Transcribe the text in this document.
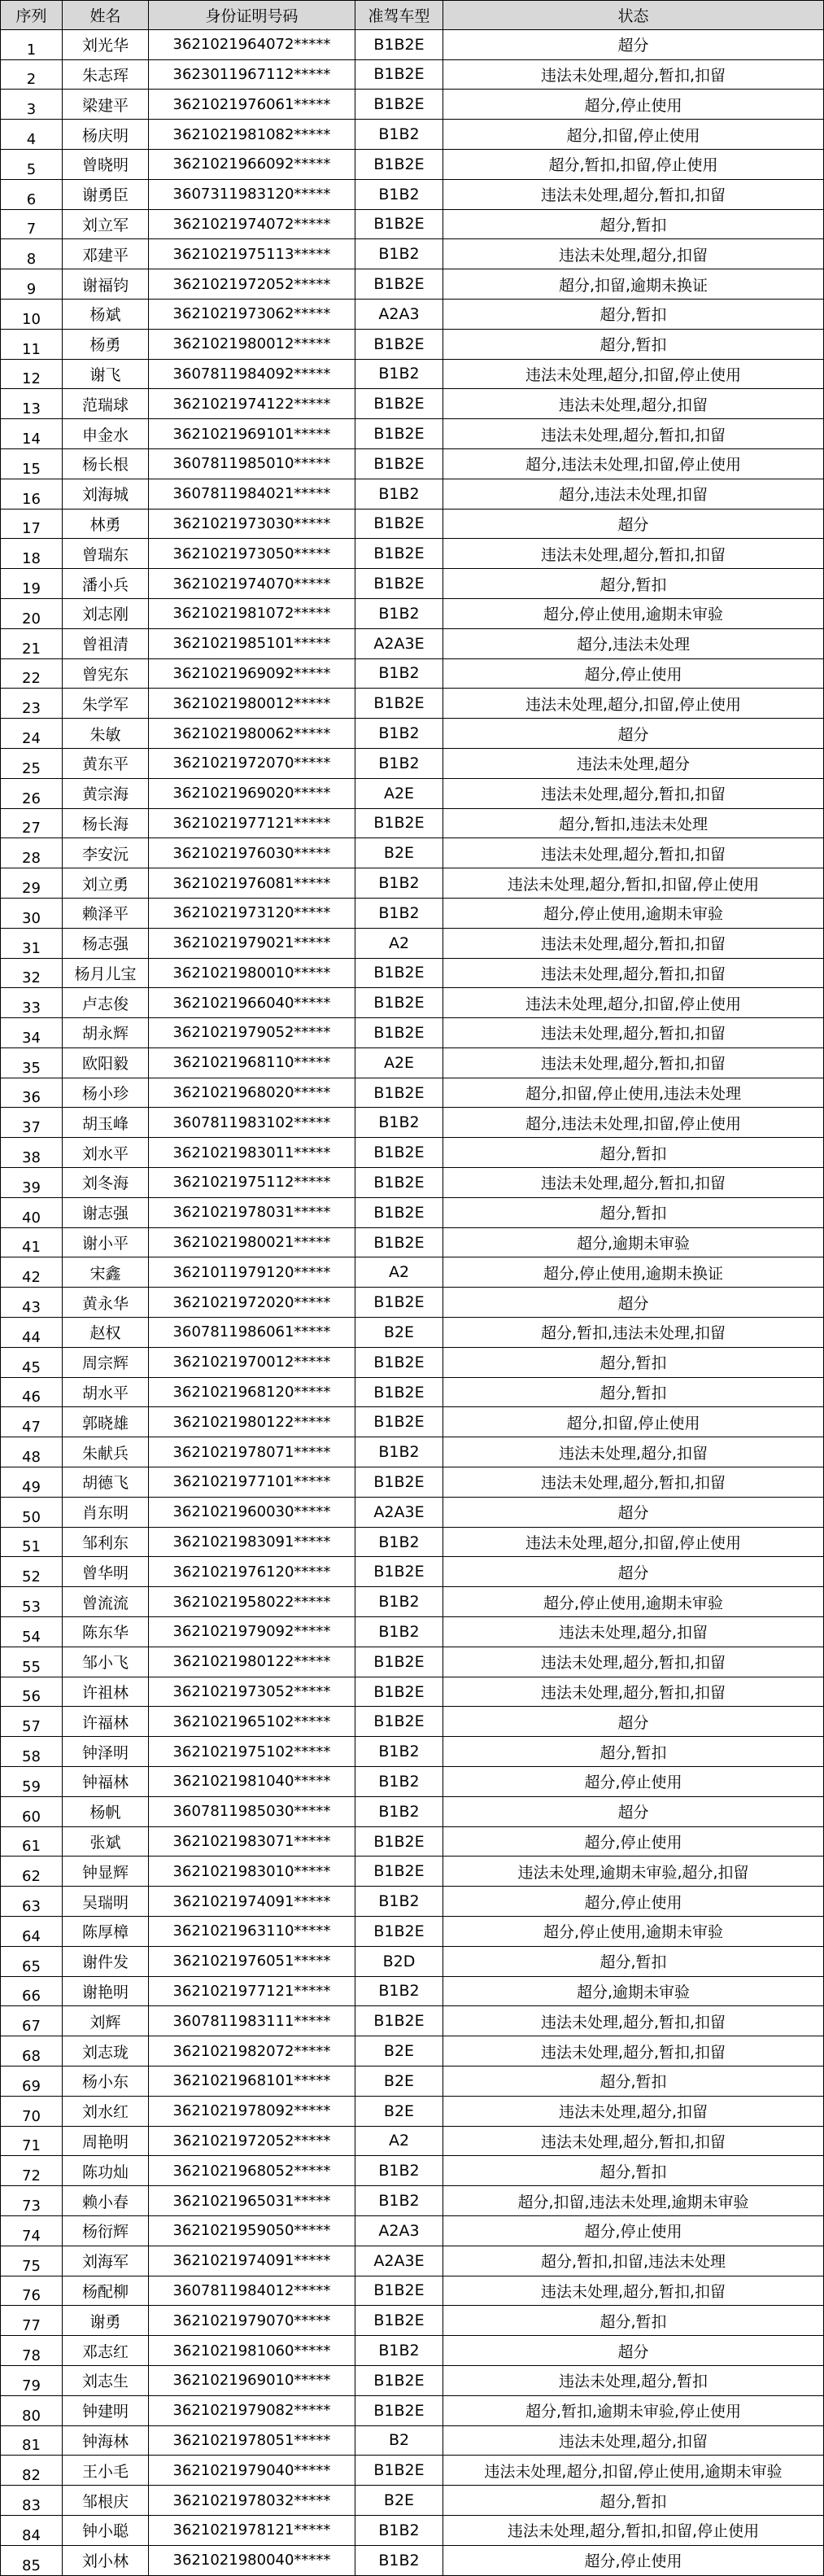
序列	姓名	身份证明号码	准驾车型	状态
1	刘光华	3621021964072*****	B1B2E	超分
2	朱志珲	3623011967112*****	B1B2E	违法未处理,超分,暂扣,扣留
3	梁建平	3621021976061*****	B1B2E	超分,停止使用
4	杨庆明	3621021981082*****	B1B2	超分,扣留,停止使用
5	曾晓明	3621021966092*****	B1B2E	超分,暂扣,扣留,停止使用
6	谢勇臣	3607311983120*****	B1B2	违法未处理,超分,暂扣,扣留
7	刘立军	3621021974072*****	B1B2E	超分,暂扣
8	邓建平	3621021975113*****	B1B2	违法未处理,超分,扣留
9	谢福钧	3621021972052*****	B1B2E	超分,扣留,逾期未换证
10	杨斌	3621021973062*****	A2A3	超分,暂扣
11	杨勇	3621021980012*****	B1B2E	超分,暂扣
12	谢飞	3607811984092*****	B1B2	违法未处理,超分,扣留,停止使用
13	范瑞球	3621021974122*****	B1B2E	违法未处理,超分,扣留
14	申金水	3621021969101*****	B1B2E	违法未处理,超分,暂扣,扣留
15	杨长根	3607811985010*****	B1B2E	超分,违法未处理,扣留,停止使用
16	刘海城	3607811984021*****	B1B2	超分,违法未处理,扣留
17	林勇	3621021973030*****	B1B2E	超分
18	曾瑞东	3621021973050*****	B1B2E	违法未处理,超分,暂扣,扣留
19	潘小兵	3621021974070*****	B1B2E	超分,暂扣
20	刘志刚	3621021981072*****	B1B2	超分,停止使用,逾期未审验
21	曾祖清	3621021985101*****	A2A3E	超分,违法未处理
22	曾宪东	3621021969092*****	B1B2	超分,停止使用
23	朱学军	3621021980012*****	B1B2E	违法未处理,超分,扣留,停止使用
24	朱敏	3621021980062*****	B1B2	超分
25	黄东平	3621021972070*****	B1B2	违法未处理,超分
26	黄宗海	3621021969020*****	A2E	违法未处理,超分,暂扣,扣留
27	杨长海	3621021977121*****	B1B2E	超分,暂扣,违法未处理
28	李安沅	3621021976030*****	B2E	违法未处理,超分,暂扣,扣留
29	刘立勇	3621021976081*****	B1B2	违法未处理,超分,暂扣,扣留,停止使用
30	赖泽平	3621021973120*****	B1B2	超分,停止使用,逾期未审验
31	杨志强	3621021979021*****	A2	违法未处理,超分,暂扣,扣留
32	杨月儿宝	3621021980010*****	B1B2E	违法未处理,超分,暂扣,扣留
33	卢志俊	3621021966040*****	B1B2E	违法未处理,超分,扣留,停止使用
34	胡永辉	3621021979052*****	B1B2E	违法未处理,超分,暂扣,扣留
35	欧阳毅	3621021968110*****	A2E	违法未处理,超分,暂扣,扣留
36	杨小珍	3621021968020*****	B1B2E	超分,扣留,停止使用,违法未处理
37	胡玉峰	3607811983102*****	B1B2	超分,违法未处理,扣留,停止使用
38	刘水平	3621021983011*****	B1B2E	超分,暂扣
39	刘冬海	3621021975112*****	B1B2E	违法未处理,超分,暂扣,扣留
40	谢志强	3621021978031*****	B1B2E	超分,暂扣
41	谢小平	3621021980021*****	B1B2E	超分,逾期未审验
42	宋鑫	3621011979120*****	A2	超分,停止使用,逾期未换证
43	黄永华	3621021972020*****	B1B2E	超分
44	赵权	3607811986061*****	B2E	超分,暂扣,违法未处理,扣留
45	周宗辉	3621021970012*****	B1B2E	超分,暂扣
46	胡水平	3621021968120*****	B1B2E	超分,暂扣
47	郭晓雄	3621021980122*****	B1B2E	超分,扣留,停止使用
48	朱献兵	3621021978071*****	B1B2	违法未处理,超分,扣留
49	胡德飞	3621021977101*****	B1B2E	违法未处理,超分,暂扣,扣留
50	肖东明	3621021960030*****	A2A3E	超分
51	邹利东	3621021983091*****	B1B2	违法未处理,超分,扣留,停止使用
52	曾华明	3621021976120*****	B1B2E	超分
53	曾流流	3621021958022*****	B1B2	超分,停止使用,逾期未审验
54	陈东华	3621021979092*****	B1B2	违法未处理,超分,扣留
55	邹小飞	3621021980122*****	B1B2E	违法未处理,超分,暂扣,扣留
56	许祖林	3621021973052*****	B1B2E	违法未处理,超分,暂扣,扣留
57	许福林	3621021965102*****	B1B2E	超分
58	钟泽明	3621021975102*****	B1B2	超分,暂扣
59	钟福林	3621021981040*****	B1B2	超分,停止使用
60	杨帆	3607811985030*****	B1B2	超分
61	张斌	3621021983071*****	B1B2E	超分,停止使用
62	钟显辉	3621021983010*****	B1B2E	违法未处理,逾期未审验,超分,扣留
63	吴瑞明	3621021974091*****	B1B2	超分,停止使用
64	陈厚樟	3621021963110*****	B1B2E	超分,停止使用,逾期未审验
65	谢件发	3621021976051*****	B2D	超分,暂扣
66	谢艳明	3621021977121*****	B1B2	超分,逾期未审验
67	刘辉	3607811983111*****	B1B2E	违法未处理,超分,暂扣,扣留
68	刘志珑	3621021982072*****	B2E	违法未处理,超分,暂扣,扣留
69	杨小东	3621021968101*****	B2E	超分,暂扣
70	刘水红	3621021978092*****	B2E	违法未处理,超分,扣留
71	周艳明	3621021972052*****	A2	违法未处理,超分,暂扣,扣留
72	陈功灿	3621021968052*****	B1B2	超分,暂扣
73	赖小春	3621021965031*****	B1B2	超分,扣留,违法未处理,逾期未审验
74	杨衍辉	3621021959050*****	A2A3	超分,停止使用
75	刘海军	3621021974091*****	A2A3E	超分,暂扣,扣留,违法未处理
76	杨配柳	3607811984012*****	B1B2E	违法未处理,超分,暂扣,扣留
77	谢勇	3621021979070*****	B1B2E	超分,暂扣
78	邓志红	3621021981060*****	B1B2	超分
79	刘志生	3621021969010*****	B1B2E	违法未处理,超分,暂扣
80	钟建明	3621021979082*****	B1B2E	超分,暂扣,逾期未审验,停止使用
81	钟海林	3621021978051*****	B2	违法未处理,超分,扣留
82	王小毛	3621021979040*****	B1B2E	违法未处理,超分,扣留,停止使用,逾期未审验
83	邹根庆	3621021978032*****	B2E	超分,暂扣
84	钟小聪	3621021978121*****	B1B2	违法未处理,超分,暂扣,扣留,停止使用
85	刘小林	3621021980040*****	B1B2	超分,停止使用
